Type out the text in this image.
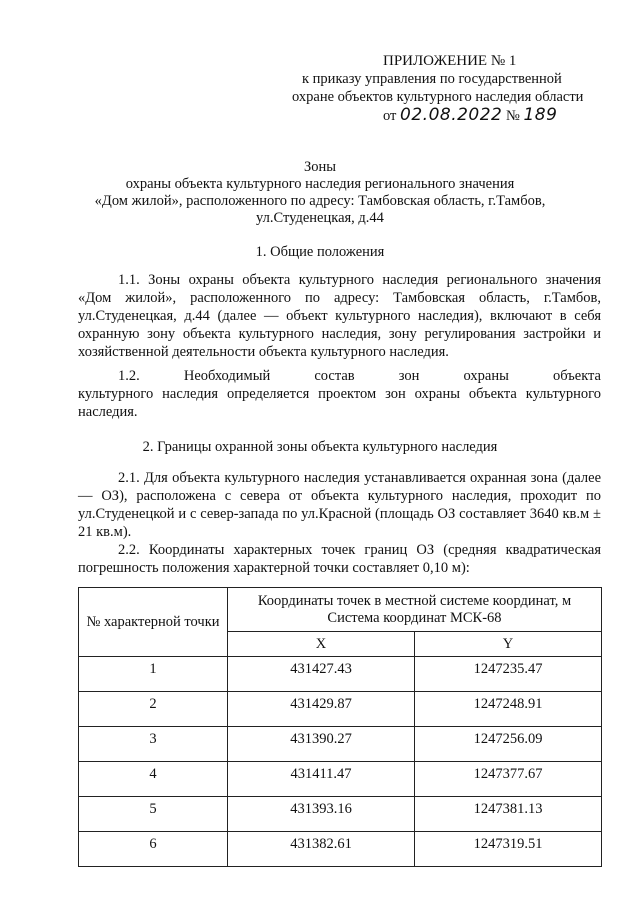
ПРИЛОЖЕНИЕ № 1
к приказу управления по государственной
охране объектов культурного наследия области
от 02.08.2022 № 189
Зоны
охраны объекта культурного наследия регионального значения
«Дом жилой», расположенного по адресу: Тамбовская область, г.Тамбов,
ул.Студенецкая, д.44
1. Общие положения
1.1. Зоны охраны объекта культурного наследия регионального значения «Дом жилой», расположенного по адресу: Тамбовская область, г.Тамбов, ул.Студенецкая, д.44 (далее — объект культурного наследия), включают в себя охранную зону объекта культурного наследия, зону регулирования застройки и хозяйственной деятельности объекта культурного наследия.
1.2. Необходимый состав зон охраны объекта
культурного наследия определяется проектом зон охраны объекта культурного наследия.
2. Границы охранной зоны объекта культурного наследия
2.1. Для объекта культурного наследия устанавливается охранная зона (далее — ОЗ), расположена с севера от объекта культурного наследия, проходит по ул.Студенецкой и с север-запада по ул.Красной (площадь ОЗ составляет 3640 кв.м ± 21 кв.м).
2.2. Координаты характерных точек границ ОЗ (средняя квадратическая погрешность положения характерной точки составляет 0,10 м):
№ характерной точки	Координаты точек в местной системе координат, м
Система координат МСК-68	

	X	Y
1	431427.43	1247235.47
2	431429.87	1247248.91
3	431390.27	1247256.09
4	431411.47	1247377.67
5	431393.16	1247381.13
6	431382.61	1247319.51
